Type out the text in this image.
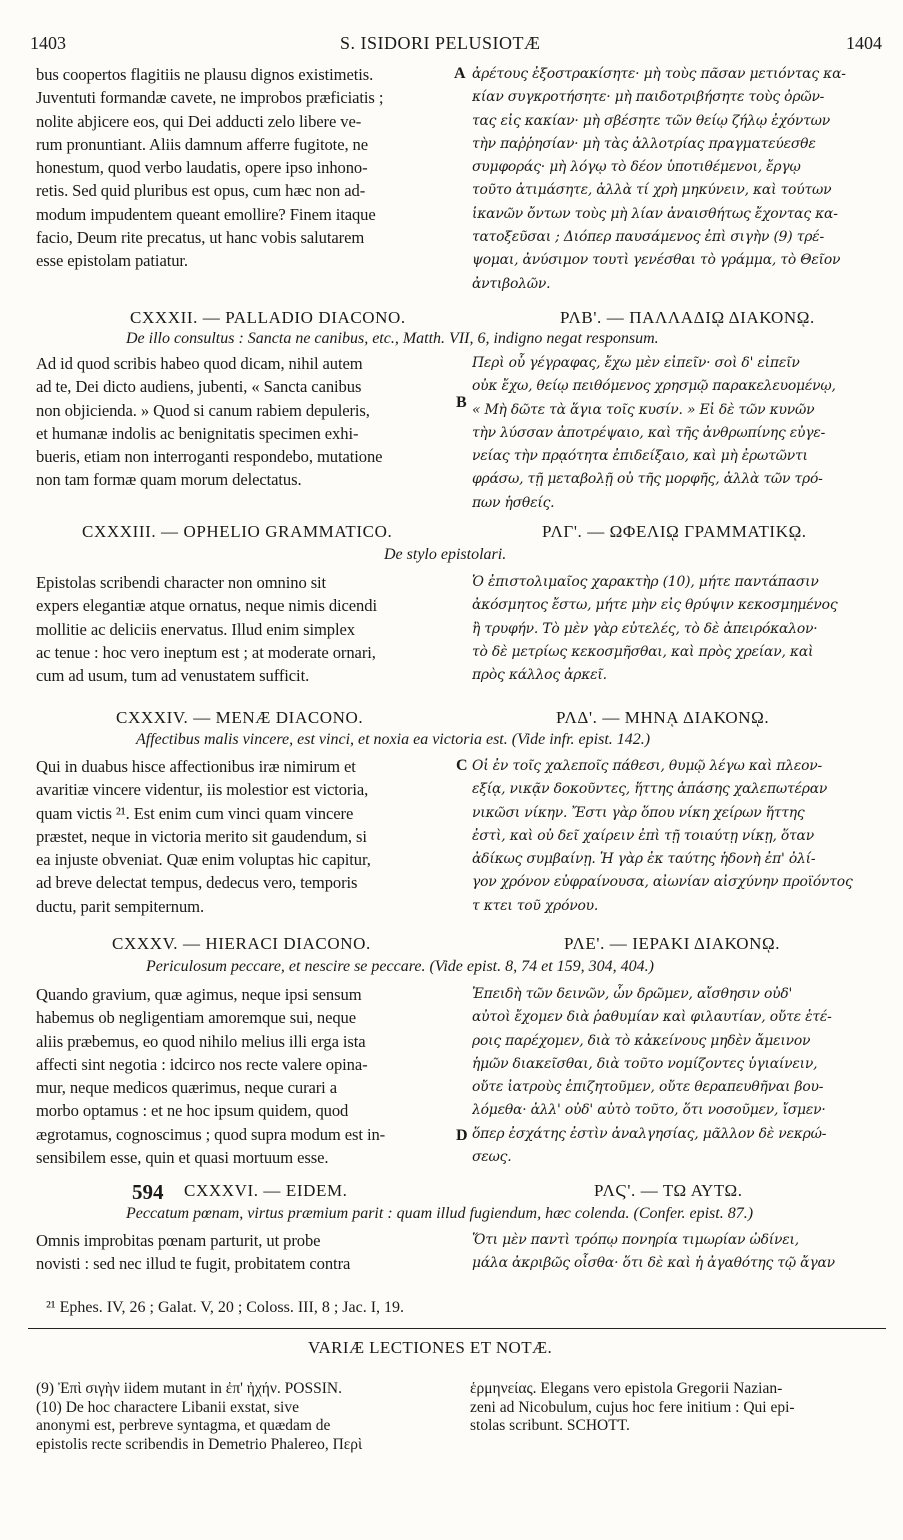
1403	S. ISIDORI PELUSIOTÆ	1404
bus coopertos flagitiis ne plausu dignos existimetis.
Juventuti formandæ cavete, ne improbos præficiatis ;
nolite abjicere eos, qui Dei adducti zelo libere ve-
rum pronuntiant. Aliis damnum afferre fugitote, ne
honestum, quod verbo laudatis, opere ipso inhono-
retis. Sed quid pluribus est opus, cum hæc non ad-
modum impudentem queant emollire? Finem itaque
facio, Deum rite precatus, ut hanc vobis salutarem
esse epistolam patiatur.
ἀρέτους ἐξοστρακίσητε· μὴ τοὺς πᾶσαν μετιόντας κα-
κίαν συγκροτήσητε· μὴ παιδοτριβήσητε τοὺς ὀρῶν-
τας εἰς κακίαν· μὴ σβέσητε τῶν θείῳ ζήλῳ ἐχόντων
τὴν παῤῥησίαν· μὴ τὰς ἀλλοτρίας πραγματεύεσθε
συμφοράς· μὴ λόγῳ τὸ δέον ὑποτιθέμενοι, ἔργῳ
τοῦτο ἀτιμάσητε, ἀλλὰ τί χρὴ μηκύνειν, καὶ τούτων
ἱκανῶν ὄντων τοὺς μὴ λίαν ἀναισθήτως ἔχοντας κα-
τατοξεῦσαι ; Διόπερ παυσάμενος ἐπὶ σιγὴν (9) τρέ-
ψομαι, ἀνύσιμον τουτὶ γενέσθαι τὸ γράμμα, τὸ Θεῖον
ἀντιβολῶν.
A
CXXXII. — PALLADIO DIACONO.	ΡΛΒ'. — ΠΑΛΛΑΔΙῼ ΔΙΑΚΟΝῼ.
De illo consultus : Sancta ne canibus, etc., Matth. VII, 6, indigno negat responsum.
Ad id quod scribis habeo quod dicam, nihil autem
ad te, Dei dicto audiens, jubenti, « Sancta canibus
non objicienda. » Quod si canum rabiem depuleris,
et humanæ indolis ac benignitatis specimen exhi-
bueris, etiam non interroganti respondebo, mutatione
non tam formæ quam morum delectatus.
Περὶ οὗ γέγραφας, ἔχω μὲν εἰπεῖν· σοὶ δ' εἰπεῖν
οὐκ ἔχω, θείῳ πειθόμενος χρησμῷ παρακελευομένῳ,
« Μὴ δῶτε τὰ ἅγια τοῖς κυσίν. » Εἰ δὲ τῶν κυνῶν
τὴν λύσσαν ἀποτρέψαιο, καὶ τῆς ἀνθρωπίνης εὐγε-
νείας τὴν πρᾳότητα ἐπιδείξαιο, καὶ μὴ ἐρωτῶντι
φράσω, τῇ μεταβολῇ οὐ τῆς μορφῆς, ἀλλὰ τῶν τρό-
πων ἡσθείς.
B
CXXXIII. — OPHELIO GRAMMATICO.	ΡΛΓ'. — ΩΦΕΛΙῼ ΓΡΑΜΜΑΤΙΚῼ.
De stylo epistolari.
Epistolas scribendi character non omnino sit
expers elegantiæ atque ornatus, neque nimis dicendi
mollitie ac deliciis enervatus. Illud enim simplex
ac tenue : hoc vero ineptum est ; at moderate ornari,
cum ad usum, tum ad venustatem sufficit.
Ὁ ἐπιστολιμαῖος χαρακτὴρ (10), μήτε παντάπασιν
ἀκόσμητος ἔστω, μήτε μὴν εἰς θρύψιν κεκοσμημένος
ἢ τρυφήν. Τὸ μὲν γὰρ εὐτελές, τὸ δὲ ἀπειρόκαλον·
τὸ δὲ μετρίως κεκοσμῆσθαι, καὶ πρὸς χρείαν, καὶ
πρὸς κάλλος ἀρκεῖ.
CXXXIV. — MENÆ DIACONO.	ΡΛΔ'. — ΜΗΝᾼ ΔΙΑΚΟΝῼ.
Affectibus malis vincere, est vinci, et noxia ea victoria est. (Vide infr. epist. 142.)
Qui in duabus hisce affectionibus iræ nimirum et
avaritiæ vincere videntur, iis molestior est victoria,
quam victis ²¹. Est enim cum vinci quam vincere
præstet, neque in victoria merito sit gaudendum, si
ea injuste obveniat. Quæ enim voluptas hic capitur,
ad breve delectat tempus, dedecus vero, temporis
ductu, parit sempiternum.
Οἱ ἐν τοῖς χαλεποῖς πάθεσι, θυμῷ λέγω καὶ πλεον-
εξίᾳ, νικᾷν δοκοῦντες, ἥττης ἁπάσης χαλεπωτέραν
νικῶσι νίκην. Ἔστι γὰρ ὅπου νίκη χείρων ἥττης
ἐστὶ, καὶ οὐ δεῖ χαίρειν ἐπὶ τῇ τοιαύτῃ νίκῃ, ὅταν
ἀδίκως συμβαίνῃ. Ἡ γὰρ ἐκ ταύτης ἡδονὴ ἐπ' ὀλί-
γον χρόνον εὐφραίνουσα, αἰωνίαν αἰσχύνην προϊόντος
τ κτει τοῦ χρόνου.
C
CXXXV. — HIERACI DIACONO.	ΡΛΕ'. — ΙΕΡΑΚΙ ΔΙΑΚΟΝῼ.
Periculosum peccare, et nescire se peccare. (Vide epist. 8, 74 et 159, 304, 404.)
Quando gravium, quæ agimus, neque ipsi sensum
habemus ob negligentiam amoremque sui, neque
aliis præbemus, eo quod nihilo melius illi erga ista
affecti sint negotia : idcirco nos recte valere opina-
mur, neque medicos quærimus, neque curari a
morbo optamus : et ne hoc ipsum quidem, quod
ægrotamus, cognoscimus ; quod supra modum est in-
sensibilem esse, quin et quasi mortuum esse.
Ἐπειδὴ τῶν δεινῶν, ὧν δρῶμεν, αἴσθησιν οὐδ'
αὐτοὶ ἔχομεν διὰ ῥαθυμίαν καὶ φιλαυτίαν, οὔτε ἑτέ-
ροις παρέχομεν, διὰ τὸ κἀκείνους μηδὲν ἄμεινον
ἡμῶν διακεῖσθαι, διὰ τοῦτο νομίζοντες ὑγιαίνειν,
οὔτε ἰατροὺς ἐπιζητοῦμεν, οὔτε θεραπευθῆναι βου-
λόμεθα· ἀλλ' οὐδ' αὐτὸ τοῦτο, ὅτι νοσοῦμεν, ἴσμεν·
ὅπερ ἐσχάτης ἐστὶν ἀναλγησίας, μᾶλλον δὲ νεκρώ-
σεως.
D
594 CXXXVI. — EIDEM.	ΡΛϚ'. — ΤΩ ΑΥΤΩ.
Peccatum pœnam, virtus præmium parit : quam illud fugiendum, hæc colenda. (Confer. epist. 87.)
Omnis improbitas pœnam parturit, ut probe
novisti : sed nec illud te fugit, probitatem contra
Ὅτι μὲν παντὶ τρόπῳ πονηρία τιμωρίαν ὠδίνει,
μάλα ἀκριβῶς οἶσθα· ὅτι δὲ καὶ ἡ ἀγαθότης τῷ ἄγαν
²¹ Ephes. IV, 26 ; Galat. V, 20 ; Coloss. III, 8 ; Jac. I, 19.
VARIÆ LECTIONES ET NOTÆ.
(9) Ἐπὶ σιγὴν iidem mutant in ἐπ' ἠχήν. POSSIN.
(10) De hoc charactere Libanii exstat, sive
anonymi est, perbreve syntagma, et quædam de
epistolis recte scribendis in Demetrio Phalereo, Περὶ
ἑρμηνείας. Elegans vero epistola Gregorii Nazian-
zeni ad Nicobulum, cujus hoc fere initium : Qui epi-
stolas scribunt. SCHOTT.
